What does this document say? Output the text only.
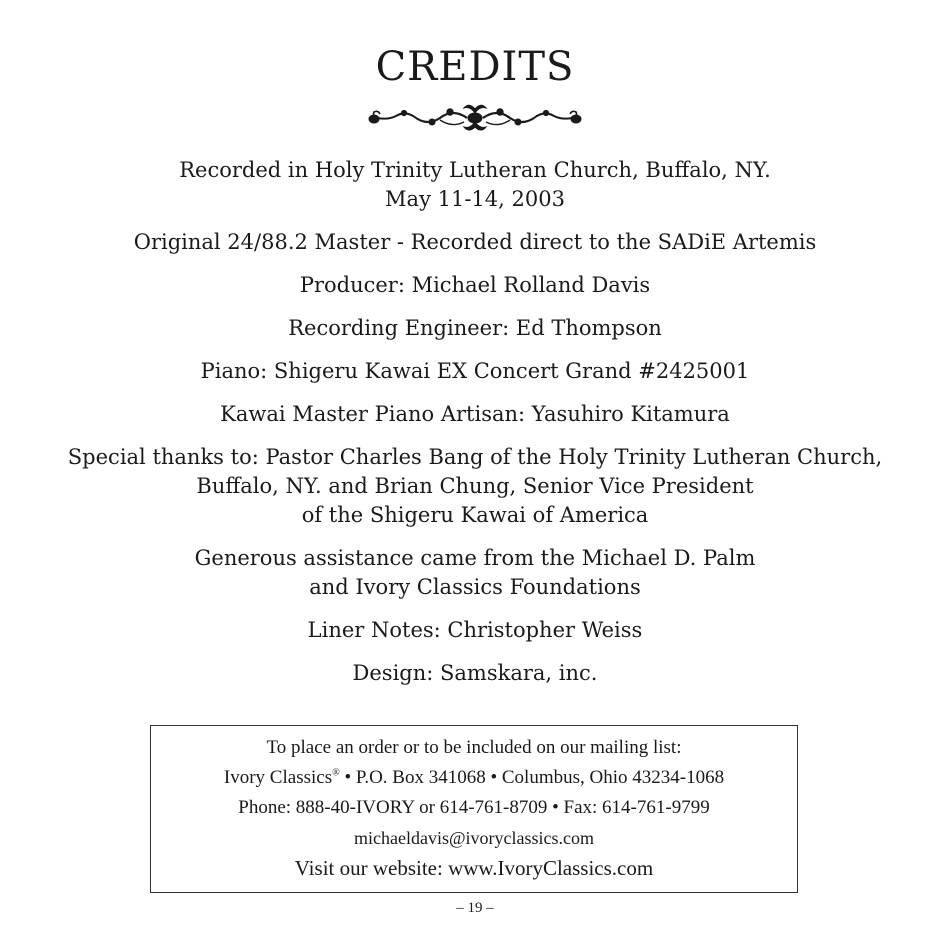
CREDITS
Recorded in Holy Trinity Lutheran Church, Buffalo, NY.
May 11-14, 2003
Original 24/88.2 Master - Recorded direct to the SADiE Artemis
Producer: Michael Rolland Davis
Recording Engineer: Ed Thompson
Piano: Shigeru Kawai EX Concert Grand #2425001
Kawai Master Piano Artisan: Yasuhiro Kitamura
Special thanks to: Pastor Charles Bang of the Holy Trinity Lutheran Church,
Buffalo, NY. and Brian Chung, Senior Vice President
of the Shigeru Kawai of America
Generous assistance came from the Michael D. Palm
and Ivory Classics Foundations
Liner Notes: Christopher Weiss
Design: Samskara, inc.
To place an order or to be included on our mailing list:
Ivory Classics® • P.O. Box 341068 • Columbus, Ohio 43234-1068
Phone: 888-40-IVORY or 614-761-8709 • Fax: 614-761-9799
michaeldavis@ivoryclassics.com
Visit our website: www.IvoryClassics.com
– 19 –
